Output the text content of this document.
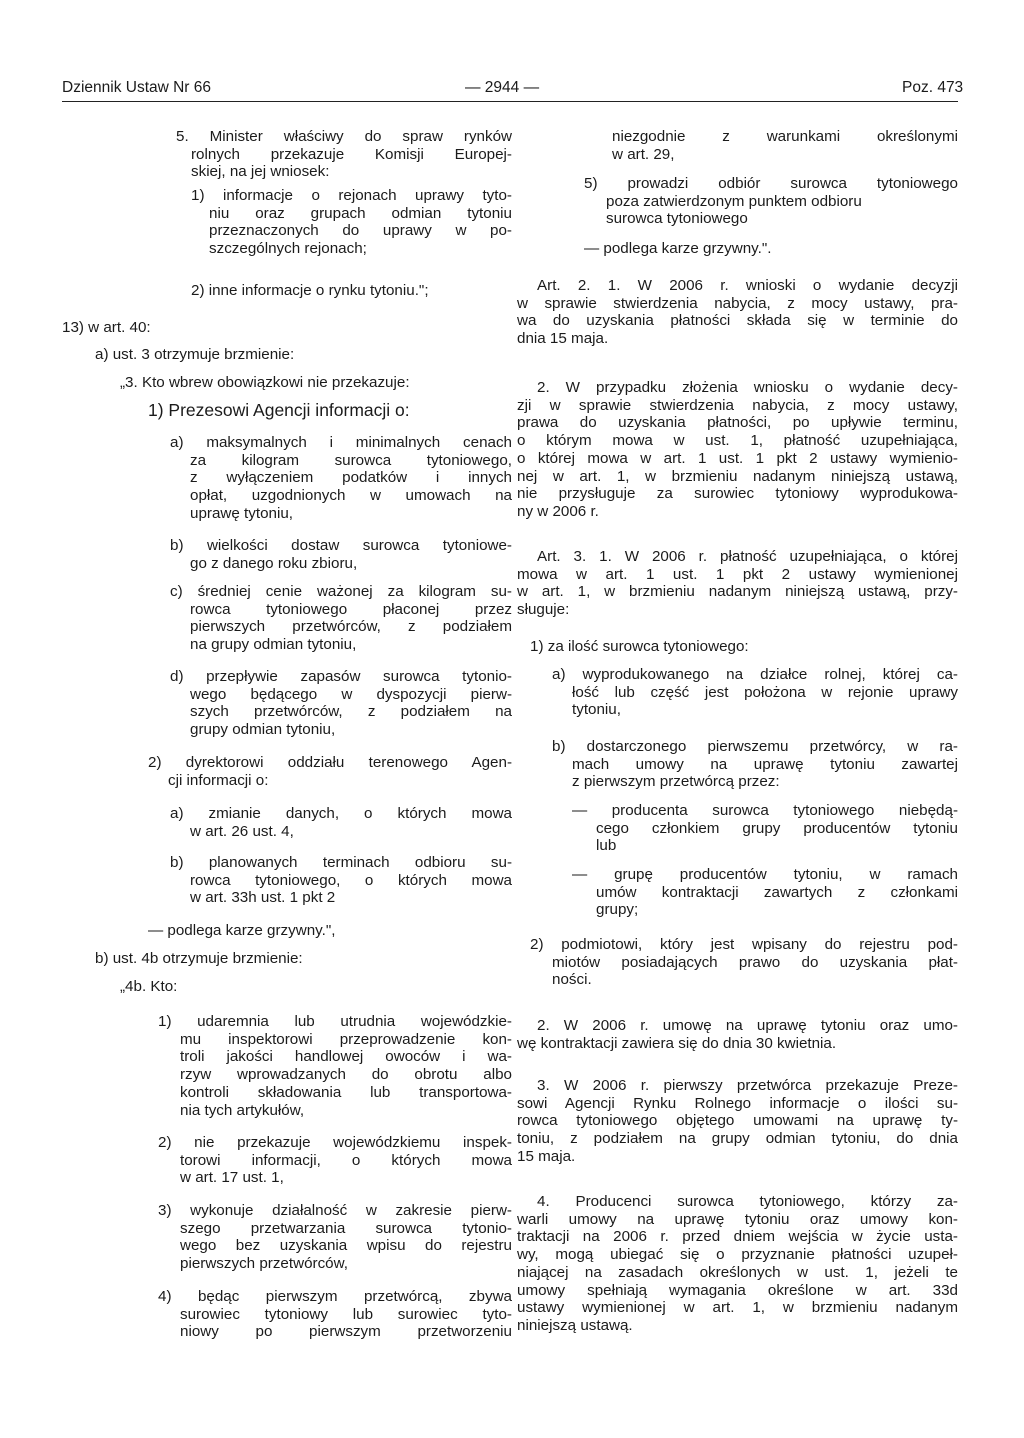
Dziennik Ustaw Nr 66	— 2944 —	Poz. 473
5. Minister właściwy do spraw rynków
rolnych przekazuje Komisji Europej-
skiej, na jej wniosek:
1) informacje o rejonach uprawy tyto-
niu oraz grupach odmian tytoniu
przeznaczonych do uprawy w po-
szczególnych rejonach;
2) inne informacje o rynku tytoniu.";
13) w art. 40:
a) ust. 3 otrzymuje brzmienie:
„3. Kto wbrew obowiązkowi nie przekazuje:
1) Prezesowi Agencji informacji o:
a) maksymalnych i minimalnych cenach
za kilogram surowca tytoniowego,
z wyłączeniem podatków i innych
opłat, uzgodnionych w umowach na
uprawę tytoniu,
b) wielkości dostaw surowca tytoniowe-
go z danego roku zbioru,
c) średniej cenie ważonej za kilogram su-
rowca tytoniowego płaconej przez
pierwszych przetwórców, z podziałem
na grupy odmian tytoniu,
d) przepływie zapasów surowca tytonio-
wego będącego w dyspozycji pierw-
szych przetwórców, z podziałem na
grupy odmian tytoniu,
2) dyrektorowi oddziału terenowego Agen-
cji informacji o:
a) zmianie danych, o których mowa
w art. 26 ust. 4,
b) planowanych terminach odbioru su-
rowca tytoniowego, o których mowa
w art. 33h ust. 1 pkt 2
— podlega karze grzywny.",
b) ust. 4b otrzymuje brzmienie:
„4b. Kto:
1) udaremnia lub utrudnia wojewódzkie-
mu inspektorowi przeprowadzenie kon-
troli jakości handlowej owoców i wa-
rzyw wprowadzanych do obrotu albo
kontroli składowania lub transportowa-
nia tych artykułów,
2) nie przekazuje wojewódzkiemu inspek-
torowi informacji, o których mowa
w art. 17 ust. 1,
3) wykonuje działalność w zakresie pierw-
szego przetwarzania surowca tytonio-
wego bez uzyskania wpisu do rejestru
pierwszych przetwórców,
4) będąc pierwszym przetwórcą, zbywa
surowiec tytoniowy lub surowiec tyto-
niowy po pierwszym przetworzeniu
niezgodnie z warunkami określonymi
w art. 29,
5) prowadzi odbiór surowca tytoniowego
poza zatwierdzonym punktem odbioru
surowca tytoniowego
— podlega karze grzywny.".
Art. 2. 1. W 2006 r. wnioski o wydanie decyzji
w sprawie stwierdzenia nabycia, z mocy ustawy, pra-
wa do uzyskania płatności składa się w terminie do
dnia 15 maja.
2. W przypadku złożenia wniosku o wydanie decy-
zji w sprawie stwierdzenia nabycia, z mocy ustawy,
prawa do uzyskania płatności, po upływie terminu,
o którym mowa w ust. 1, płatność uzupełniająca,
o której mowa w art. 1 ust. 1 pkt 2 ustawy wymienio-
nej w art. 1, w brzmieniu nadanym niniejszą ustawą,
nie przysługuje za surowiec tytoniowy wyprodukowa-
ny w 2006 r.
Art. 3. 1. W 2006 r. płatność uzupełniająca, o której
mowa w art. 1 ust. 1 pkt 2 ustawy wymienionej
w art. 1, w brzmieniu nadanym niniejszą ustawą, przy-
sługuje:
1) za ilość surowca tytoniowego:
a) wyprodukowanego na działce rolnej, której ca-
łość lub część jest położona w rejonie uprawy
tytoniu,
b) dostarczonego pierwszemu przetwórcy, w ra-
mach umowy na uprawę tytoniu zawartej
z pierwszym przetwórcą przez:
— producenta surowca tytoniowego niebędą-
cego członkiem grupy producentów tytoniu
lub
— grupę producentów tytoniu, w ramach
umów kontraktacji zawartych z członkami
grupy;
2) podmiotowi, który jest wpisany do rejestru pod-
miotów posiadających prawo do uzyskania płat-
ności.
2. W 2006 r. umowę na uprawę tytoniu oraz umo-
wę kontraktacji zawiera się do dnia 30 kwietnia.
3. W 2006 r. pierwszy przetwórca przekazuje Preze-
sowi Agencji Rynku Rolnego informacje o ilości su-
rowca tytoniowego objętego umowami na uprawę ty-
toniu, z podziałem na grupy odmian tytoniu, do dnia
15 maja.
4. Producenci surowca tytoniowego, którzy za-
warli umowy na uprawę tytoniu oraz umowy kon-
traktacji na 2006 r. przed dniem wejścia w życie usta-
wy, mogą ubiegać się o przyznanie płatności uzupeł-
niającej na zasadach określonych w ust. 1, jeżeli te
umowy spełniają wymagania określone w art. 33d
ustawy wymienionej w art. 1, w brzmieniu nadanym
niniejszą ustawą.
